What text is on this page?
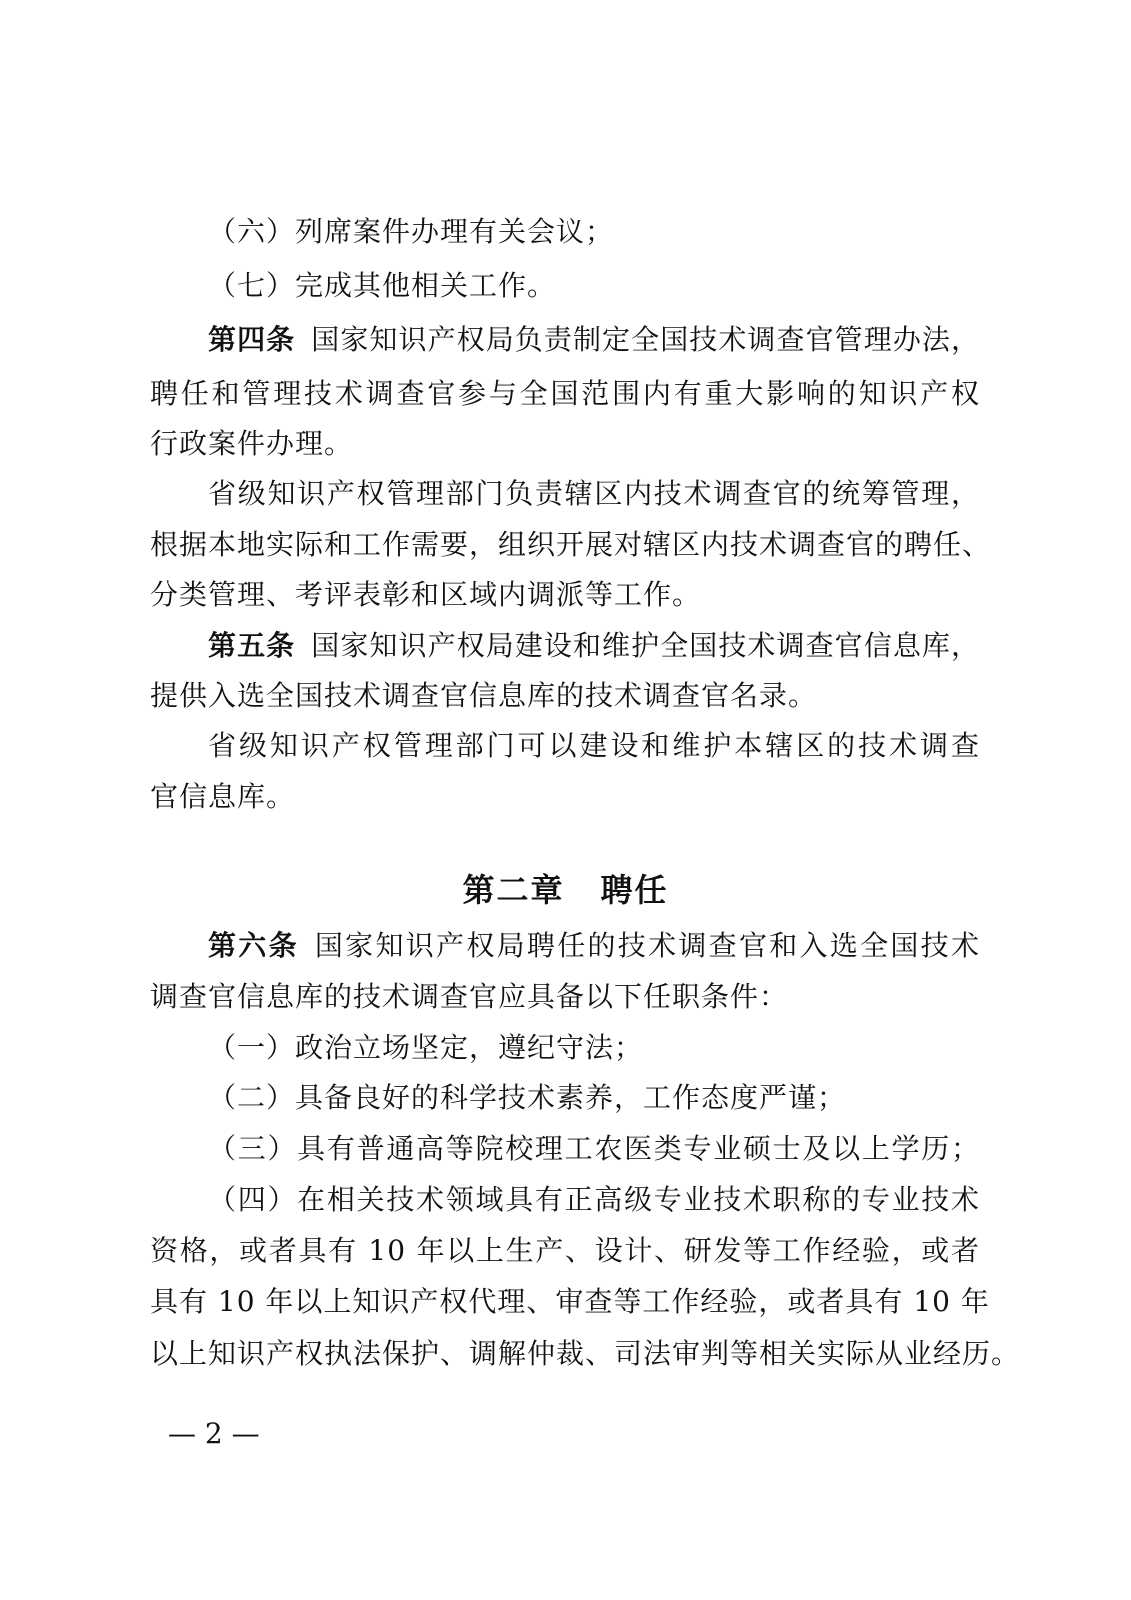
（六）列席案件办理有关会议；
（七）完成其他相关工作。
第四条 国家知识产权局负责制定全国技术调查官管理办法，
聘任和管理技术调查官参与全国范围内有重大影响的知识产权
行政案件办理。
省级知识产权管理部门负责辖区内技术调查官的统筹管理，
根据本地实际和工作需要，组织开展对辖区内技术调查官的聘任、
分类管理、考评表彰和区域内调派等工作。
第五条 国家知识产权局建设和维护全国技术调查官信息库，
提供入选全国技术调查官信息库的技术调查官名录。
省级知识产权管理部门可以建设和维护本辖区的技术调查
官信息库。
第二章 聘任
第六条 国家知识产权局聘任的技术调查官和入选全国技术
调查官信息库的技术调查官应具备以下任职条件：
（一）政治立场坚定，遵纪守法；
（二）具备良好的科学技术素养，工作态度严谨；
（三）具有普通高等院校理工农医类专业硕士及以上学历；
（四）在相关技术领域具有正高级专业技术职称的专业技术
资格，或者具有 10 年以上生产、设计、研发等工作经验，或者
具有 10 年以上知识产权代理、审查等工作经验，或者具有 10 年
以上知识产权执法保护、调解仲裁、司法审判等相关实际从业经历。
— 2 —
